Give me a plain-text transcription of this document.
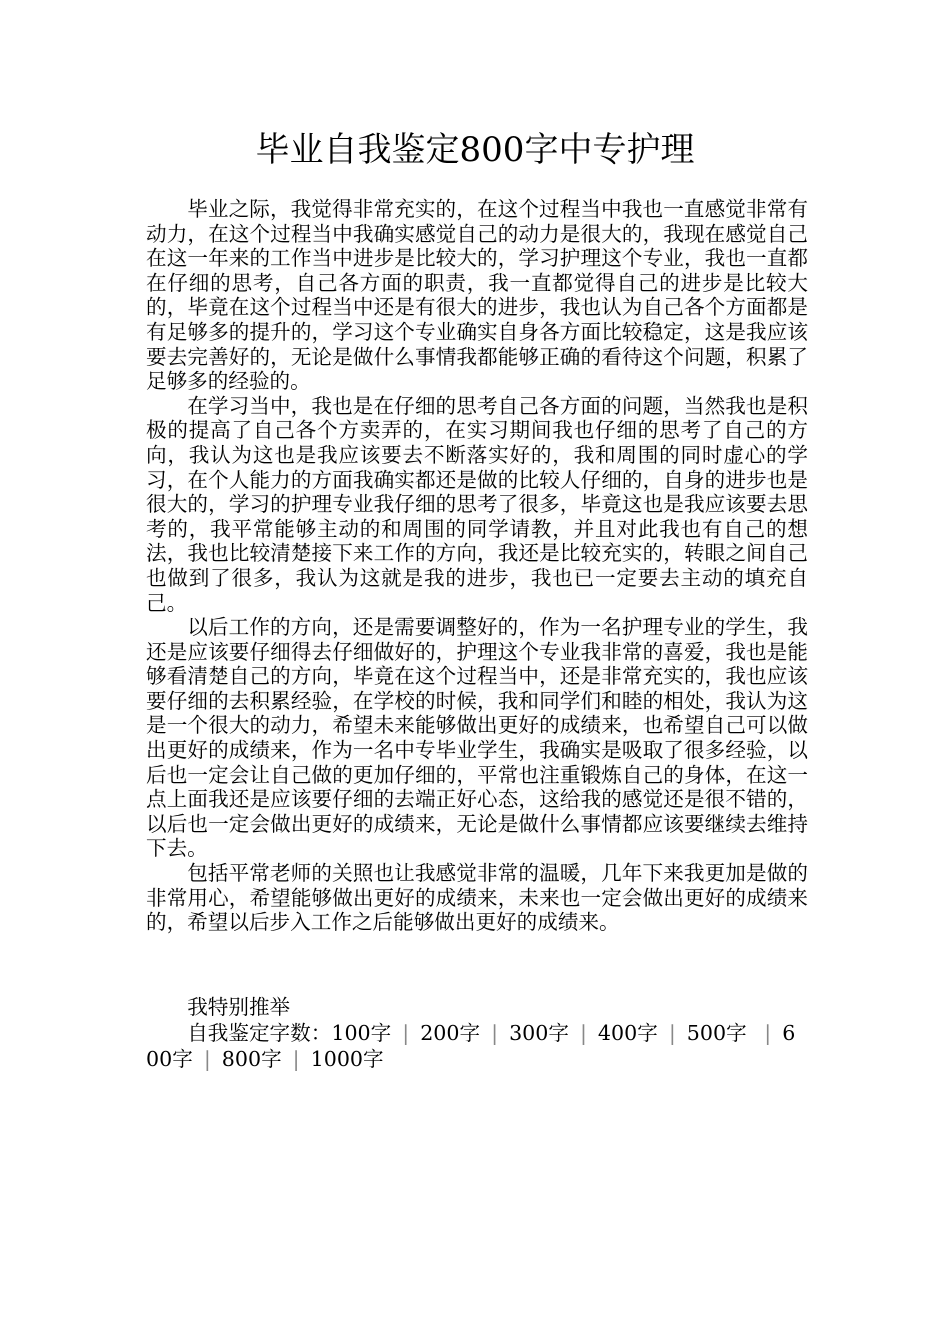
毕业自我鉴定800字中专护理

毕业之际，我觉得非常充实的，在这个过程当中我也一直感觉非常有动力，在这个过程当中我确实感觉自己的动力是很大的，我现在感觉自己在这一年来的工作当中进步是比较大的，学习护理这个专业，我也一直都在仔细的思考，自己各方面的职责，我一直都觉得自己的进步是比较大的，毕竟在这个过程当中还是有很大的进步，我也认为自己各个方面都是有足够多的提升的，学习这个专业确实自身各方面比较稳定，这是我应该要去完善好的，无论是做什么事情我都能够正确的看待这个问题，积累了足够多的经验的。

在学习当中，我也是在仔细的思考自己各方面的问题，当然我也是积极的提高了自己各个方卖弄的，在实习期间我也仔细的思考了自己的方向，我认为这也是我应该要去不断落实好的，我和周围的同时虚心的学习，在个人能力的方面我确实都还是做的比较人仔细的，自身的进步也是很大的，学习的护理专业我仔细的思考了很多，毕竟这也是我应该要去思考的，我平常能够主动的和周围的同学请教，并且对此我也有自己的想法，我也比较清楚接下来工作的方向，我还是比较充实的，转眼之间自己也做到了很多，我认为这就是我的进步，我也已一定要去主动的填充自己。

以后工作的方向，还是需要调整好的，作为一名护理专业的学生，我还是应该要仔细得去仔细做好的，护理这个专业我非常的喜爱，我也是能够看清楚自己的方向，毕竟在这个过程当中，还是非常充实的，我也应该要仔细的去积累经验，在学校的时候，我和同学们和睦的相处，我认为这是一个很大的动力，希望未来能够做出更好的成绩来，也希望自己可以做出更好的成绩来，作为一名中专毕业学生，我确实是吸取了很多经验，以后也一定会让自己做的更加仔细的，平常也注重锻炼自己的身体，在这一点上面我还是应该要仔细的去端正好心态，这给我的感觉还是很不错的，以后也一定会做出更好的成绩来，无论是做什么事情都应该要继续去维持下去。

包括平常老师的关照也让我感觉非常的温暖，几年下来我更加是做的非常用心，希望能够做出更好的成绩来，未来也一定会做出更好的成绩来的，希望以后步入工作之后能够做出更好的成绩来。

我特别推举

自我鉴定字数：100字 | 200字 | 300字 | 400字 | 500字 | 600字 | 800字 | 1000字
